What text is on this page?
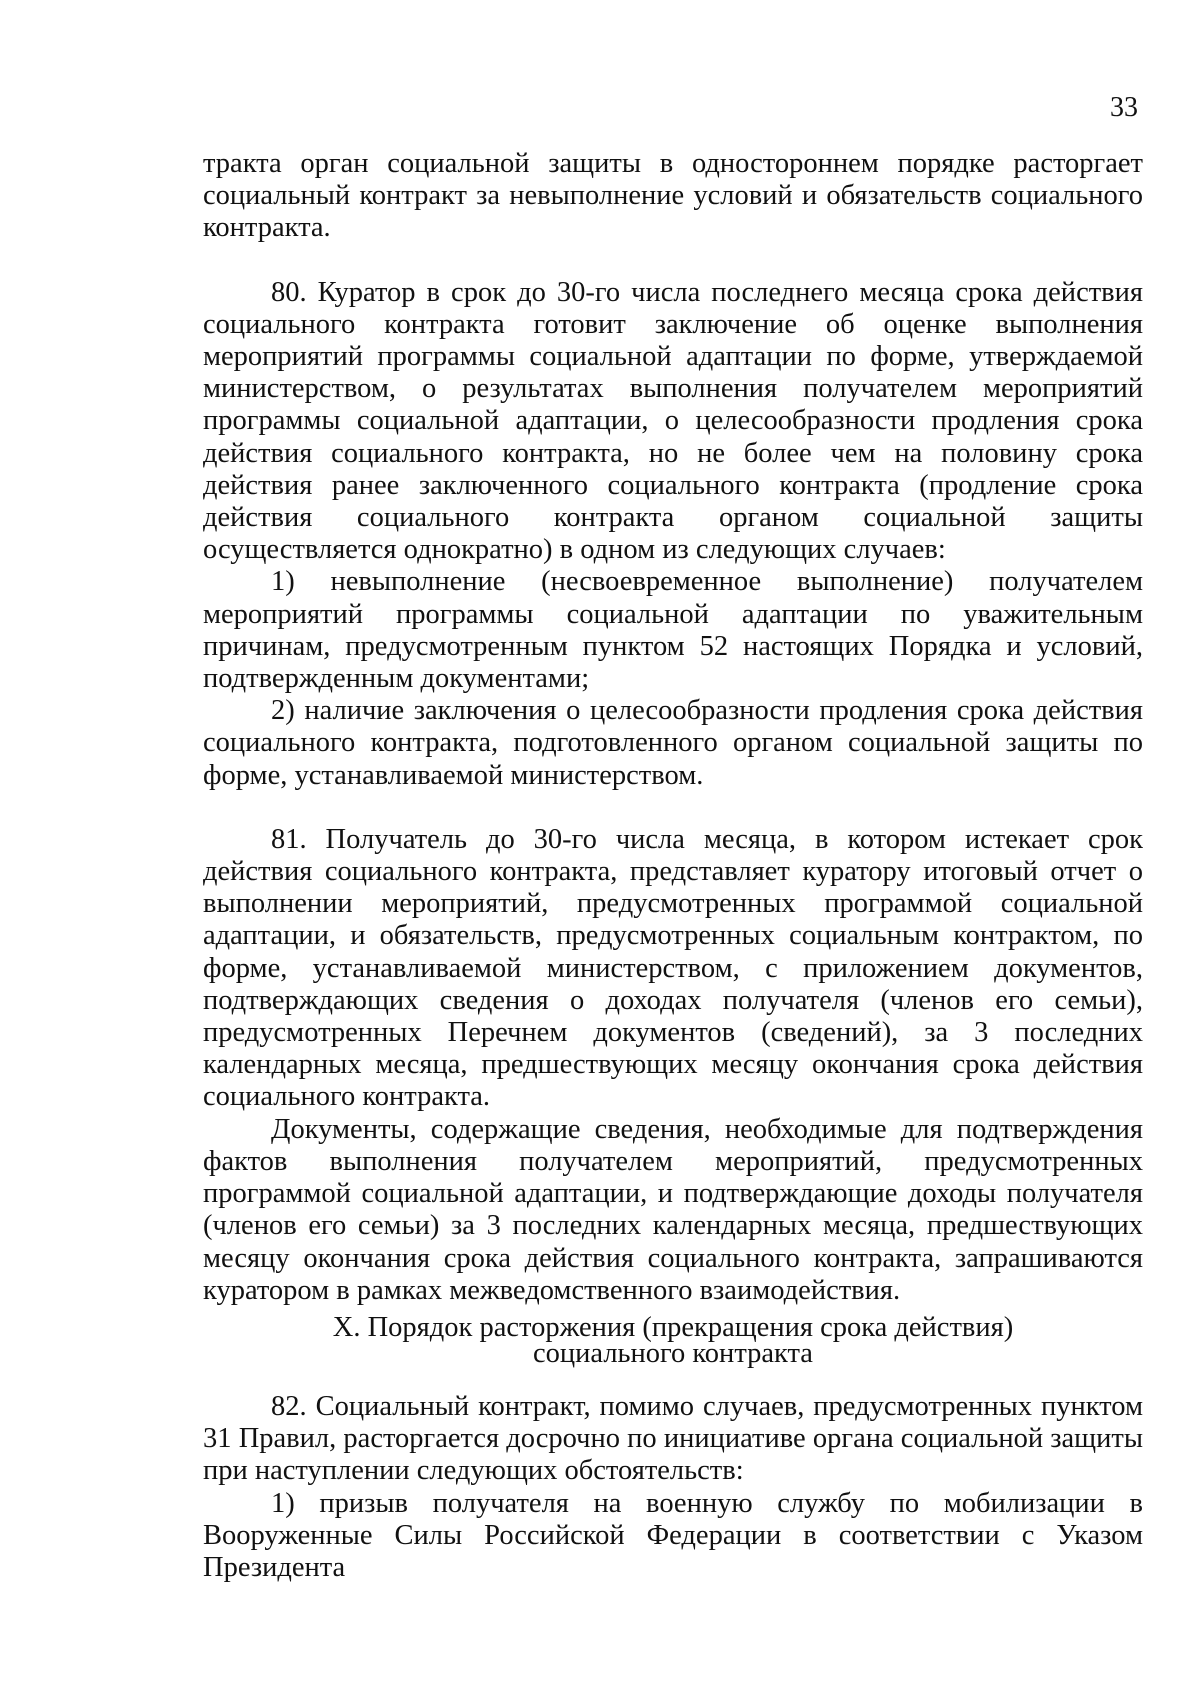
33

тракта орган социальной защиты в одностороннем порядке расторгает социальный контракт за невыполнение условий и обязательств социального контракта.

80. Куратор в срок до 30-го числа последнего месяца срока действия социального контракта готовит заключение об оценке выполнения мероприятий программы социальной адаптации по форме, утверждаемой министерством, о результатах выполнения получателем мероприятий программы социальной адаптации, о целесообразности продления срока действия социального контракта, но не более чем на половину срока действия ранее заключенного социального контракта (продление срока действия социального контракта органом социальной защиты осуществляется однократно) в одном из следующих случаев:

1) невыполнение (несвоевременное выполнение) получателем мероприятий программы социальной адаптации по уважительным причинам, предусмотренным пунктом 52 настоящих Порядка и условий, подтвержденным документами;

2) наличие заключения о целесообразности продления срока действия социального контракта, подготовленного органом социальной защиты по форме, устанавливаемой министерством.

81. Получатель до 30-го числа месяца, в котором истекает срок действия социального контракта, представляет куратору итоговый отчет о выполнении мероприятий, предусмотренных программой социальной адаптации, и обязательств, предусмотренных социальным контрактом, по форме, устанавливаемой министерством, с приложением документов, подтверждающих сведения о доходах получателя (членов его семьи), предусмотренных Перечнем документов (сведений), за 3 последних календарных месяца, предшествующих месяцу окончания срока действия социального контракта.

Документы, содержащие сведения, необходимые для подтверждения фактов выполнения получателем мероприятий, предусмотренных программой социальной адаптации, и подтверждающие доходы получателя (членов его семьи) за 3 последних календарных месяца, предшествующих месяцу окончания срока действия социального контракта, запрашиваются куратором в рамках межведомственного взаимодействия.

X. Порядок расторжения (прекращения срока действия)
социального контракта

82. Социальный контракт, помимо случаев, предусмотренных пунктом 31 Правил, расторгается досрочно по инициативе органа социальной защиты при наступлении следующих обстоятельств:

1) призыв получателя на военную службу по мобилизации в Вооруженные Силы Российской Федерации в соответствии с Указом Президента
